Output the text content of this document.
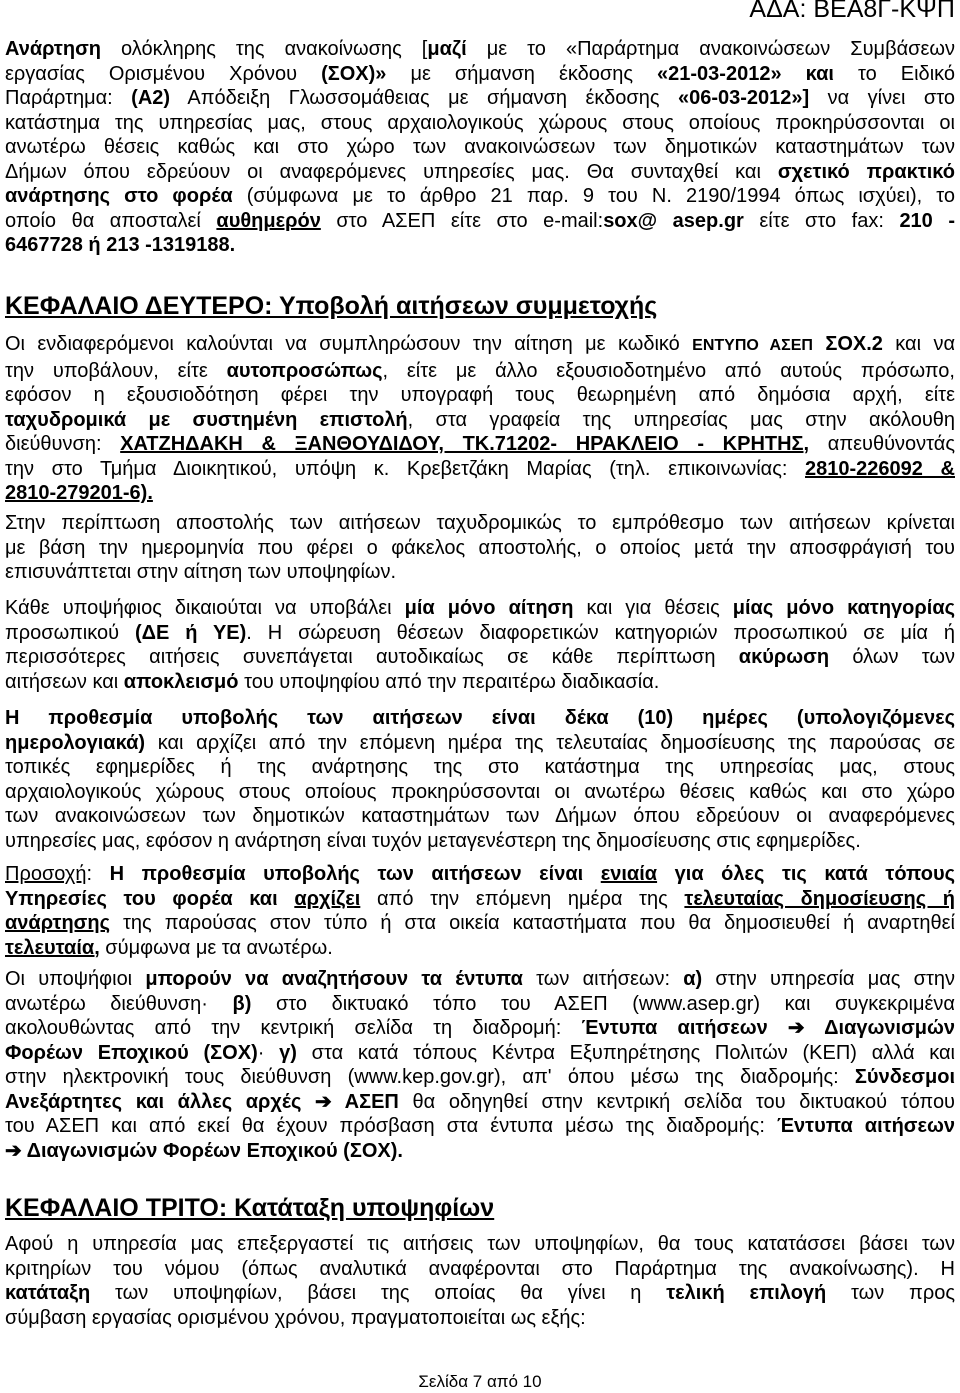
ΑΔΑ: ΒΕΑ8Γ-ΚΨΠ
Ανάρτηση ολόκληρης της ανακοίνωσης [μαζί με το «Παράρτημα ανακοινώσεων Συμβάσεων
εργασίας Ορισμένου Χρόνου (ΣΟΧ)» με σήμανση έκδοσης «21-03-2012» και το Ειδικό
Παράρτημα: (Α2) Απόδειξη Γλωσσομάθειας με σήμανση έκδοσης «06-03-2012»] να γίνει στο
κατάστημα της υπηρεσίας μας, στους αρχαιολογικούς χώρους στους οποίους προκηρύσσονται οι
ανωτέρω θέσεις καθώς και στο χώρο των ανακοινώσεων των δημοτικών καταστημάτων των
Δήμων όπου εδρεύουν οι αναφερόμενες υπηρεσίες μας. Θα συνταχθεί και σχετικό πρακτικό
ανάρτησης στο φορέα (σύμφωνα με το άρθρο 21 παρ. 9 του Ν. 2190/1994 όπως ισχύει), το
οποίο θα αποσταλεί αυθημερόν στο ΑΣΕΠ είτε στο e-mail:sox@ asep.gr είτε στο fax: 210 -
6467728 ή 213 -1319188.
ΚΕΦΑΛΑΙΟ ΔΕΥΤΕΡΟ: Υποβολή αιτήσεων συμμετοχής
Οι ενδιαφερόμενοι καλούνται να συμπληρώσουν την αίτηση με κωδικό ΕΝΤΥΠΟ ΑΣΕΠ ΣΟΧ.2 και να
την υποβάλουν, είτε αυτοπροσώπως, είτε με άλλο εξουσιοδοτημένο από αυτούς πρόσωπο,
εφόσον η εξουσιοδότηση φέρει την υπογραφή τους θεωρημένη από δημόσια αρχή, είτε
ταχυδρομικά με συστημένη επιστολή, στα γραφεία της υπηρεσίας μας στην ακόλουθη
διεύθυνση: ΧΑΤΖΗΔΑΚΗ & ΞΑΝΘΟΥΔΙΔΟΥ, ΤΚ.71202- ΗΡΑΚΛΕΙΟ - ΚΡΗΤΗΣ, απευθύνοντάς
την στο Τμήμα Διοικητικού, υπόψη κ. Κρεβετζάκη Μαρίας (τηλ. επικοινωνίας: 2810-226092 &
2810-279201-6).
Στην περίπτωση αποστολής των αιτήσεων ταχυδρομικώς το εμπρόθεσμο των αιτήσεων κρίνεται
με βάση την ημερομηνία που φέρει ο φάκελος αποστολής, ο οποίος μετά την αποσφράγισή του
επισυνάπτεται στην αίτηση των υποψηφίων.
Κάθε υποψήφιος δικαιούται να υποβάλει μία μόνο αίτηση και για θέσεις μίας μόνο κατηγορίας
προσωπικού (ΔΕ ή ΥΕ). Η σώρευση θέσεων διαφορετικών κατηγοριών προσωπικού σε μία ή
περισσότερες αιτήσεις συνεπάγεται αυτοδικαίως σε κάθε περίπτωση ακύρωση όλων των
αιτήσεων και αποκλεισμό του υποψηφίου από την περαιτέρω διαδικασία.
Η προθεσμία υποβολής των αιτήσεων είναι δέκα (10) ημέρες (υπολογιζόμενες
ημερολογιακά) και αρχίζει από την επόμενη ημέρα της τελευταίας δημοσίευσης της παρούσας σε
τοπικές εφημερίδες ή της ανάρτησης της στο κατάστημα της υπηρεσίας μας, στους
αρχαιολογικούς χώρους στους οποίους προκηρύσσονται οι ανωτέρω θέσεις καθώς και στο χώρο
των ανακοινώσεων των δημοτικών καταστημάτων των Δήμων όπου εδρεύουν οι αναφερόμενες
υπηρεσίες μας, εφόσον η ανάρτηση είναι τυχόν μεταγενέστερη της δημοσίευσης στις εφημερίδες.
Προσοχή: Η προθεσμία υποβολής των αιτήσεων είναι ενιαία για όλες τις κατά τόπους
Υπηρεσίες του φορέα και αρχίζει από την επόμενη ημέρα της τελευταίας δημοσίευσης ή
ανάρτησης της παρούσας στον τύπο ή στα οικεία καταστήματα που θα δημοσιευθεί ή αναρτηθεί
τελευταία, σύμφωνα με τα ανωτέρω.
Οι υποψήφιοι μπορούν να αναζητήσουν τα έντυπα των αιτήσεων: α) στην υπηρεσία μας στην
ανωτέρω διεύθυνση· β) στο δικτυακό τόπο του ΑΣΕΠ (www.asep.gr) και συγκεκριμένα
ακολουθώντας από την κεντρική σελίδα τη διαδρομή: Έντυπα αιτήσεων ➔ Διαγωνισμών
Φορέων Εποχικού (ΣΟΧ)· γ) στα κατά τόπους Κέντρα Εξυπηρέτησης Πολιτών (ΚΕΠ) αλλά και
στην ηλεκτρονική τους διεύθυνση (www.kep.gov.gr), απ' όπου μέσω της διαδρομής: Σύνδεσμοι
Ανεξάρτητες και άλλες αρχές ➔ ΑΣΕΠ θα οδηγηθεί στην κεντρική σελίδα του δικτυακού τόπου
του ΑΣΕΠ και από εκεί θα έχουν πρόσβαση στα έντυπα μέσω της διαδρομής: Έντυπα αιτήσεων
➔ Διαγωνισμών Φορέων Εποχικού (ΣΟΧ).
ΚΕΦΑΛΑΙΟ ΤΡΙΤΟ: Κατάταξη υποψηφίων
Αφού η υπηρεσία μας επεξεργαστεί τις αιτήσεις των υποψηφίων, θα τους κατατάσσει βάσει των
κριτηρίων του νόμου (όπως αναλυτικά αναφέρονται στο Παράρτημα της ανακοίνωσης). Η
κατάταξη των υποψηφίων, βάσει της οποίας θα γίνει η τελική επιλογή των προς
σύμβαση εργασίας ορισμένου χρόνου, πραγματοποιείται ως εξής:
Σελίδα 7 από 10
